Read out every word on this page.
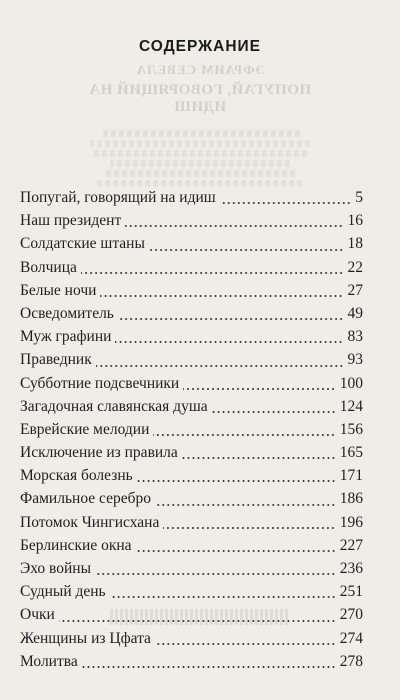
ЭФРАИМ СЕВЕЛА
ПОПУГАЙ, ГОВОРЯЩИЙ НА ИДИШ
СОДЕРЖАНИЕ
Попугай, говорящий на идиш	5
Наш президент	16
Солдатские штаны	18
Волчица	22
Белые ночи	27
Осведомитель	49
Муж графини	83
Праведник	93
Субботние подсвечники	100
Загадочная славянская душа	124
Еврейские мелодии	156
Исключение из правила	165
Морская болезнь	171
Фамильное серебро	186
Потомок Чингисхана	196
Берлинские окна	227
Эхо войны	236
Судный день	251
Очки	270
Женщины из Цфата	274
Молитва	278
